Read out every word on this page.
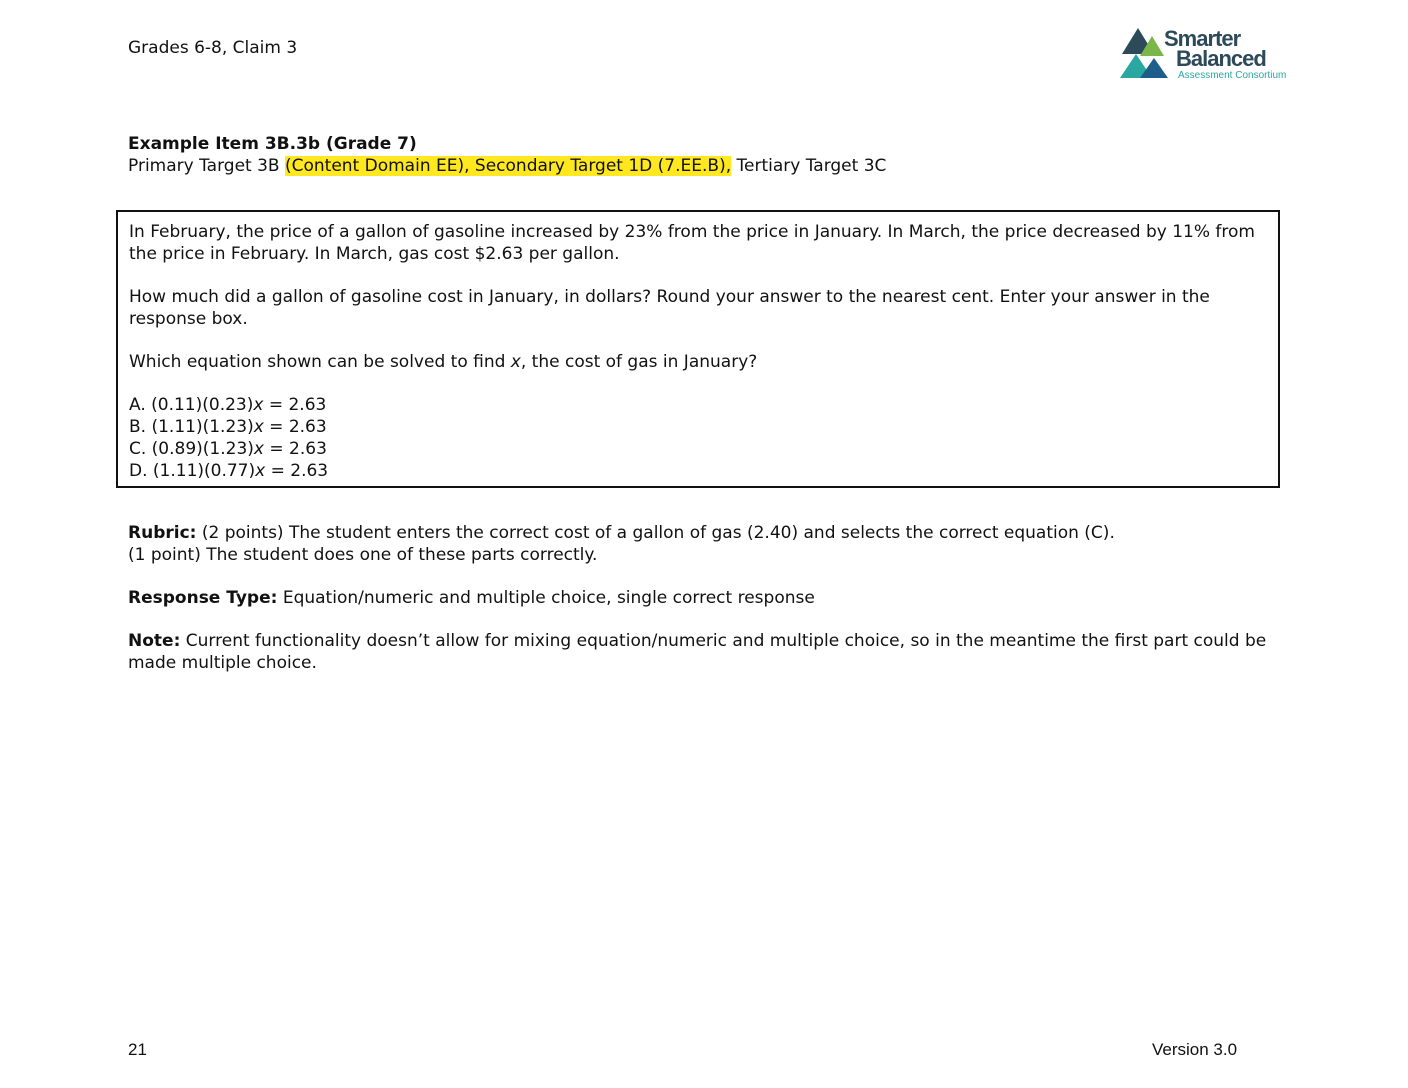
Grades 6-8, Claim 3	Smarter
Balanced
Assessment Consortium
Example Item 3B.3b (Grade 7)
Primary Target 3B (Content Domain EE), Secondary Target 1D (7.EE.B), Tertiary Target 3C

In February, the price of a gallon of gasoline increased by 23% from the price in January. In March, the price decreased by 11% from the price in February. In March, gas cost $2.63 per gallon.

How much did a gallon of gasoline cost in January, in dollars? Round your answer to the nearest cent. Enter your answer in the response box.

Which equation shown can be solved to find x, the cost of gas in January?

A. (0.11)(0.23)x = 2.63

B. (1.11)(1.23)x = 2.63

C. (0.89)(1.23)x = 2.63

D. (1.11)(0.77)x = 2.63

Rubric: (2 points) The student enters the correct cost of a gallon of gas (2.40) and selects the correct equation (C).
(1 point) The student does one of these parts correctly.

Response Type: Equation/numeric and multiple choice, single correct response

Note: Current functionality doesn’t allow for mixing equation/numeric and multiple choice, so in the meantime the first part could be made multiple choice.

21	Version 3.0
